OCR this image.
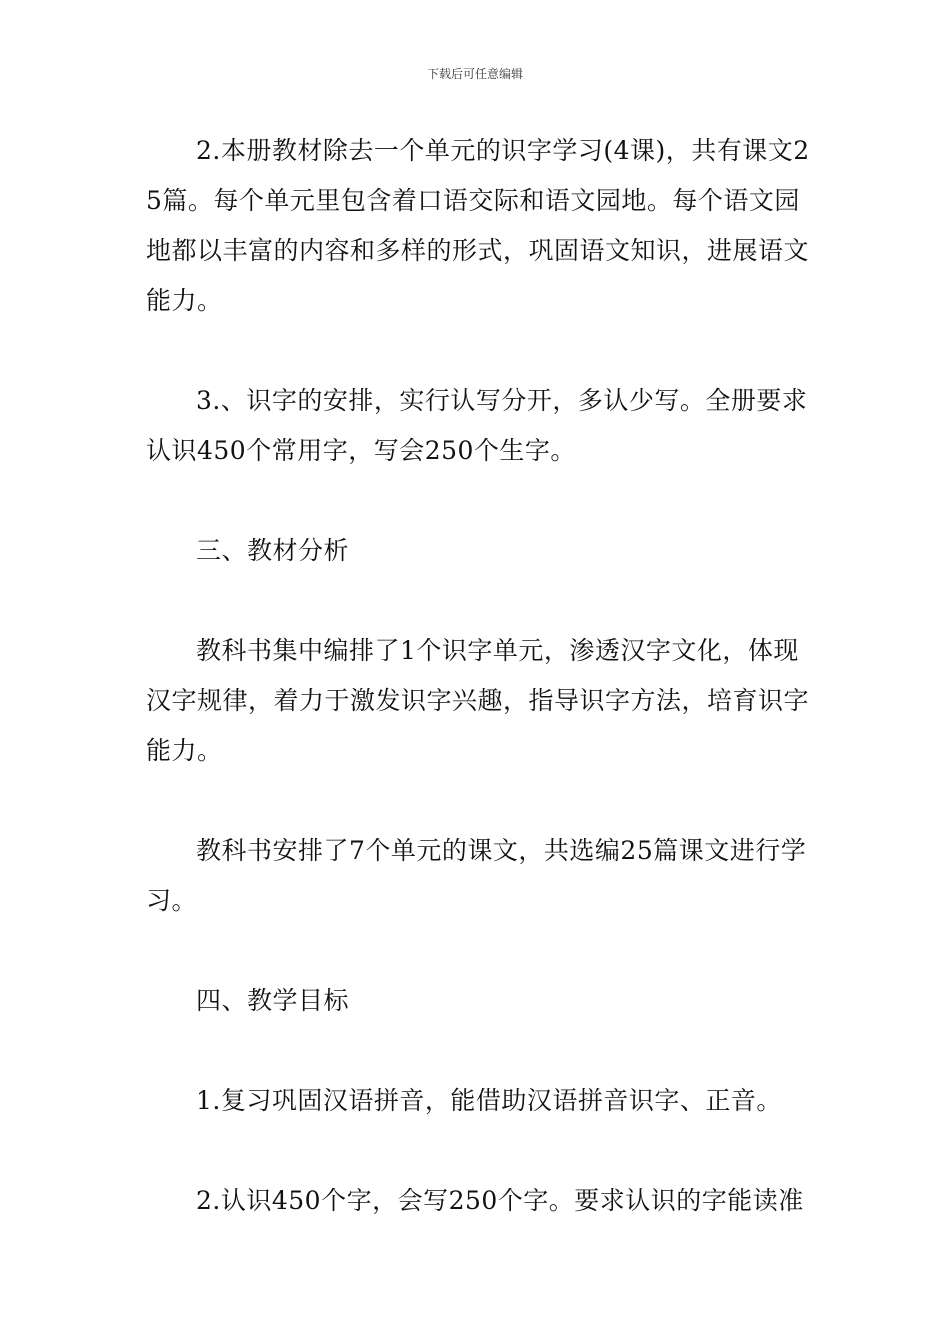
下载后可任意编辑

2.本册教材除去一个单元的识字学习(4课)，共有课文25篇。每个单元里包含着口语交际和语文园地。每个语文园地都以丰富的内容和多样的形式，巩固语文知识，进展语文能力。

3.、识字的安排，实行认写分开，多认少写。全册要求认识450个常用字，写会250个生字。

三、教材分析

教科书集中编排了1个识字单元，渗透汉字文化，体现汉字规律，着力于激发识字兴趣，指导识字方法，培育识字能力。

教科书安排了7个单元的课文，共选编25篇课文进行学习。

四、教学目标

1.复习巩固汉语拼音，能借助汉语拼音识字、正音。

2.认识450个字，会写250个字。要求认识的字能读准
